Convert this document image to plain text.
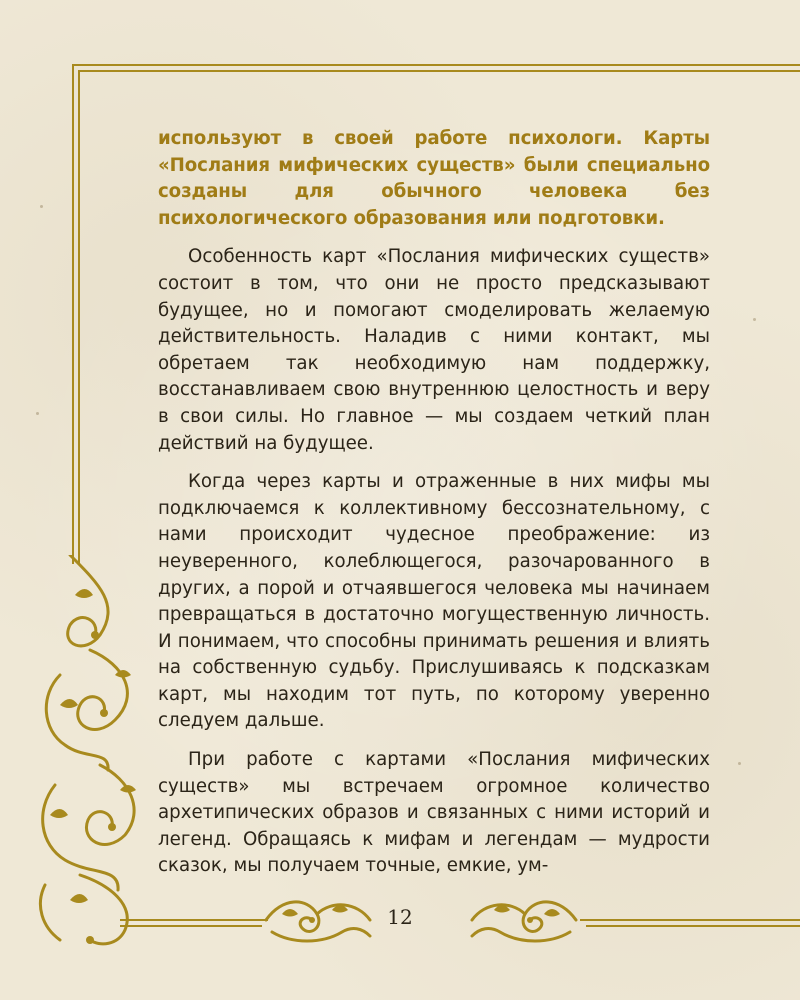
используют в своей работе психологи. Карты «Послания мифических существ» были специально созданы для обычного человека без психологического образования или подготовки.

Особенность карт «Послания мифических существ» состоит в том, что они не просто предсказывают будущее, но и помогают смоделировать желаемую действительность. Наладив с ними контакт, мы обретаем так необходимую нам поддержку, восстанавливаем свою внутреннюю целостность и веру в свои силы. Но главное — мы создаем четкий план действий на будущее.

Когда через карты и отраженные в них мифы мы подключаемся к коллективному бессознательному, с нами происходит чудесное преображение: из неуверенного, колеблющегося, разочарованного в других, а порой и отчаявшегося человека мы начинаем превращаться в достаточно могущественную личность. И понимаем, что способны принимать решения и влиять на собственную судьбу. Прислушиваясь к подсказкам карт, мы находим тот путь, по которому уверенно следуем дальше.

При работе с картами «Послания мифических существ» мы встречаем огромное количество архетипических образов и связанных с ними историй и легенд. Обращаясь к мифам и легендам — мудрости сказок, мы получаем точные, емкие, ум-

12
